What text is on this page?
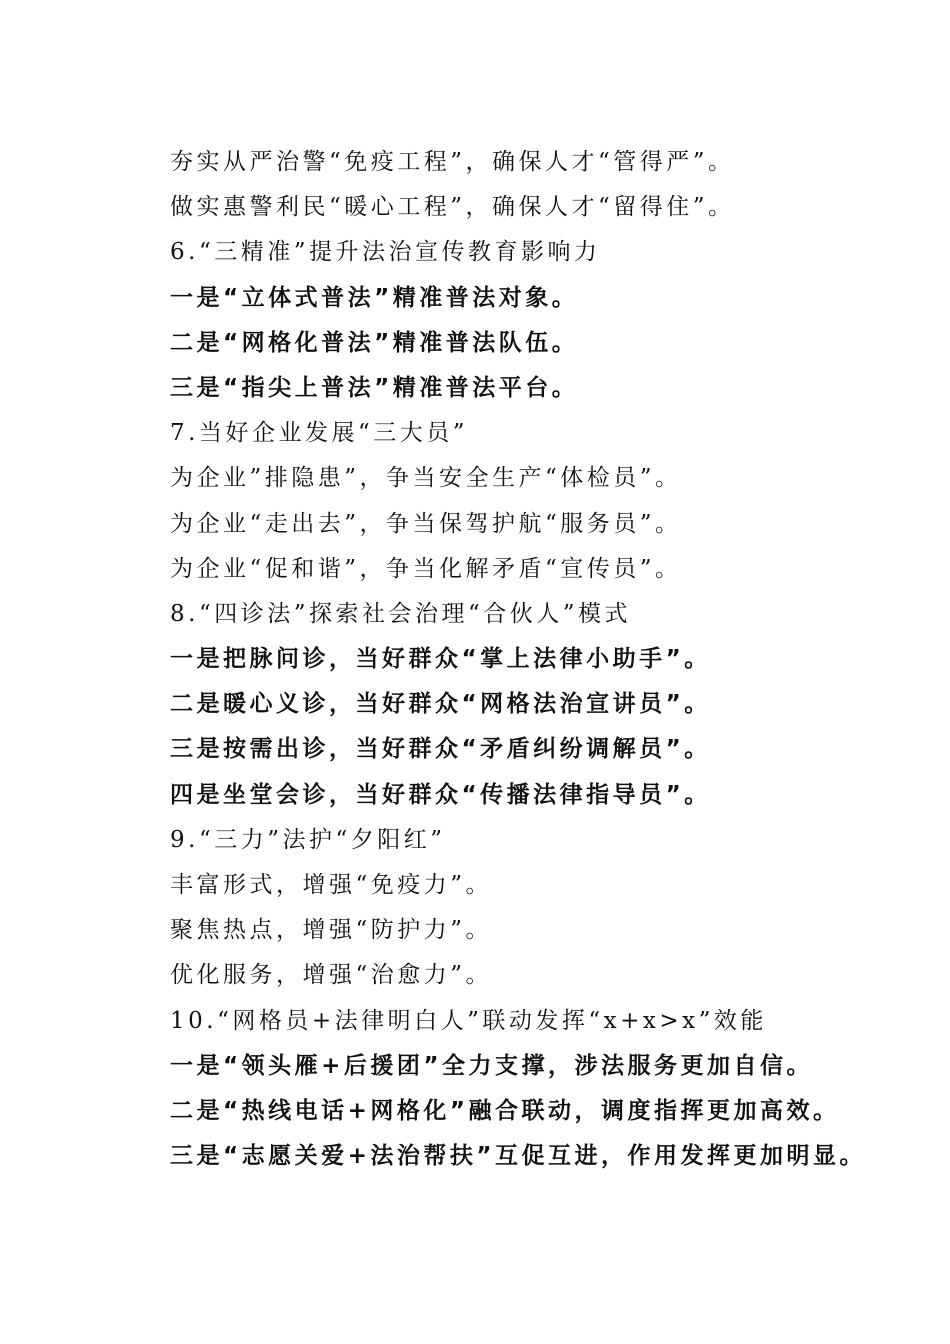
夯实从严治警“免疫工程”，确保人才“管得严”。
做实惠警利民“暖心工程”，确保人才“留得住”。
6.“三精准”提升法治宣传教育影响力
一是“立体式普法”精准普法对象。
二是“网格化普法”精准普法队伍。
三是“指尖上普法”精准普法平台。
7.当好企业发展“三大员”
为企业”排隐患”，争当安全生产“体检员”。
为企业“走出去”，争当保驾护航“服务员”。
为企业“促和谐”，争当化解矛盾“宣传员”。
8.“四诊法”探索社会治理“合伙人”模式
一是把脉问诊，当好群众“掌上法律小助手”。
二是暖心义诊，当好群众“网格法治宣讲员”。
三是按需出诊，当好群众“矛盾纠纷调解员”。
四是坐堂会诊，当好群众“传播法律指导员”。
9.“三力”法护“夕阳红”
丰富形式，增强“免疫力”。
聚焦热点，增强“防护力”。
优化服务，增强“治愈力”。
10.“网格员+法律明白人”联动发挥“x+x>x”效能
一是“领头雁+后援团”全力支撑，涉法服务更加自信。
二是“热线电话+网格化”融合联动，调度指挥更加高效。
三是“志愿关爱+法治帮扶”互促互进，作用发挥更加明显。
